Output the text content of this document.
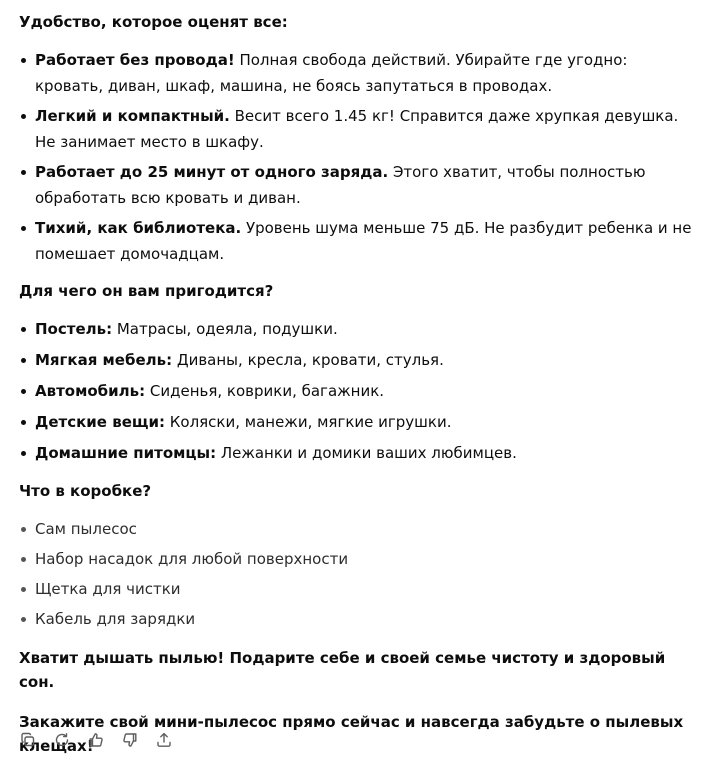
Удобство, которое оценят все:

Работает без провода! Полная свобода действий. Убирайте где угодно: кровать, диван, шкаф, машина, не боясь запутаться в проводах.
Легкий и компактный. Весит всего 1.45 кг! Справится даже хрупкая девушка. Не занимает место в шкафу.
Работает до 25 минут от одного заряда. Этого хватит, чтобы полностью обработать всю кровать и диван.
Тихий, как библиотека. Уровень шума меньше 75 дБ. Не разбудит ребенка и не помешает домочадцам.

Для чего он вам пригодится?

Постель: Матрасы, одеяла, подушки.
Мягкая мебель: Диваны, кресла, кровати, стулья.
Автомобиль: Сиденья, коврики, багажник.
Детские вещи: Коляски, манежи, мягкие игрушки.
Домашние питомцы: Лежанки и домики ваших любимцев.

Что в коробке?

Сам пылесос
Набор насадок для любой поверхности
Щетка для чистки
Кабель для зарядки

Хватит дышать пылью! Подарите себе и своей семье чистоту и здоровый сон.

Закажите свой мини-пылесос прямо сейчас и навсегда забудьте о пылевых клещах!
